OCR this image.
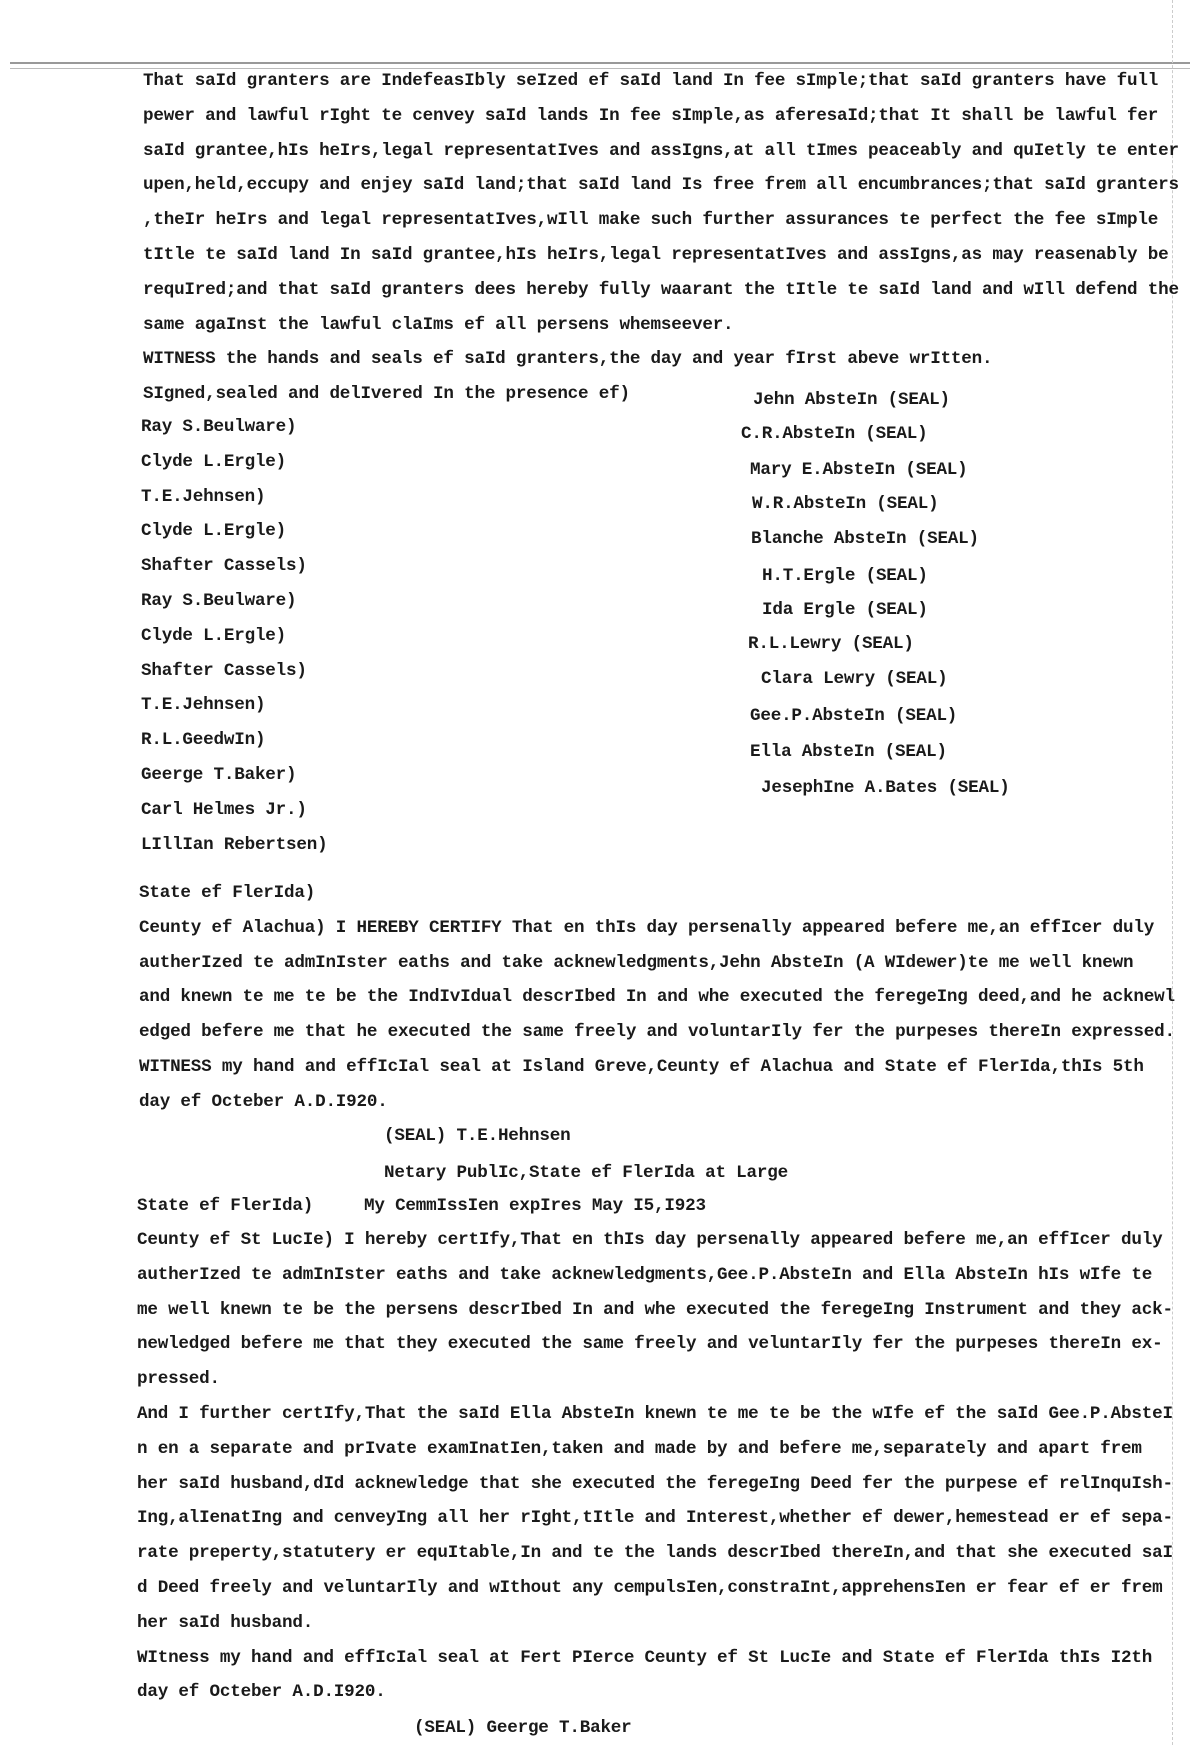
That saId granters are IndefeasIbly seIzed ef saId land In fee sImple;that saId granters have full
pewer and lawful rIght te cenvey saId lands In fee sImple,as aferesaId;that It shall be lawful fer
saId grantee,hIs heIrs,legal representatIves and assIgns,at all tImes peaceably and quIetly te enter
upen,held,eccupy and enjey saId land;that saId land Is free frem all encumbrances;that saId granters
,theIr heIrs and legal representatIves,wIll make such further assurances te perfect the fee sImple
tItle te saId land In saId grantee,hIs heIrs,legal representatIves and assIgns,as may reasenably be
requIred;and that saId granters dees hereby fully waarant the tItle te saId land and wIll defend the
same agaInst the lawful claIms ef all persens whemseever.
WITNESS the hands and seals ef saId granters,the day and year fIrst abeve wrItten.
SIgned,sealed and delIvered In the presence ef)
Ray S.Beulware)
Clyde L.Ergle)
T.E.Jehnsen)
Clyde L.Ergle)
Shafter Cassels)
Ray S.Beulware)
Clyde L.Ergle)
Shafter Cassels)
T.E.Jehnsen)
R.L.GeedwIn)
Geerge T.Baker)
Carl Helmes Jr.)
LIllIan Rebertsen)
Jehn AbsteIn (SEAL)
C.R.AbsteIn (SEAL)
Mary E.AbsteIn (SEAL)
W.R.AbsteIn (SEAL)
Blanche AbsteIn (SEAL)
H.T.Ergle (SEAL)
Ida Ergle (SEAL)
R.L.Lewry (SEAL)
Clara Lewry (SEAL)
Gee.P.AbsteIn (SEAL)
Ella AbsteIn (SEAL)
JesephIne A.Bates (SEAL)
State ef FlerIda)
Ceunty ef Alachua) I HEREBY CERTIFY That en thIs day persenally appeared befere me,an effIcer duly
autherIzed te admInIster eaths and take acknewledgments,Jehn AbsteIn (A WIdewer)te me well knewn
and knewn te me te be the IndIvIdual descrIbed In and whe executed the feregeIng deed,and he acknewl
edged befere me that he executed the same freely and voluntarIly fer the purpeses thereIn expressed.
WITNESS my hand and effIcIal seal at Island Greve,Ceunty ef Alachua and State ef FlerIda,thIs 5th
day ef Octeber A.D.I920.
(SEAL) T.E.Hehnsen
Netary PublIc,State ef FlerIda at Large
State ef FlerIda)	My CemmIssIen expIres May I5,I923
Ceunty ef St LucIe) I hereby certIfy,That en thIs day persenally appeared befere me,an effIcer duly
autherIzed te admInIster eaths and take acknewledgments,Gee.P.AbsteIn and Ella AbsteIn hIs wIfe te
me well knewn te be the persens descrIbed In and whe executed the feregeIng Instrument and they ack-
newledged befere me that they executed the same freely and veluntarIly fer the purpeses thereIn ex-
pressed.
And I further certIfy,That the saId Ella AbsteIn knewn te me te be the wIfe ef the saId Gee.P.AbsteI
n en a separate and prIvate examInatIen,taken and made by and befere me,separately and apart frem
her saId husband,dId acknewledge that she executed the feregeIng Deed fer the purpese ef relInquIsh-
Ing,alIenatIng and cenveyIng all her rIght,tItle and Interest,whether ef dewer,hemestead er ef sepa-
rate preperty,statutery er equItable,In and te the lands descrIbed thereIn,and that she executed saI
d Deed freely and veluntarIly and wIthout any cempulsIen,constraInt,apprehensIen er fear ef er frem
her saId husband.
WItness my hand and effIcIal seal at Fert PIerce Ceunty ef St LucIe and State ef FlerIda thIs I2th
day ef Octeber A.D.I920.
(SEAL) Geerge T.Baker
